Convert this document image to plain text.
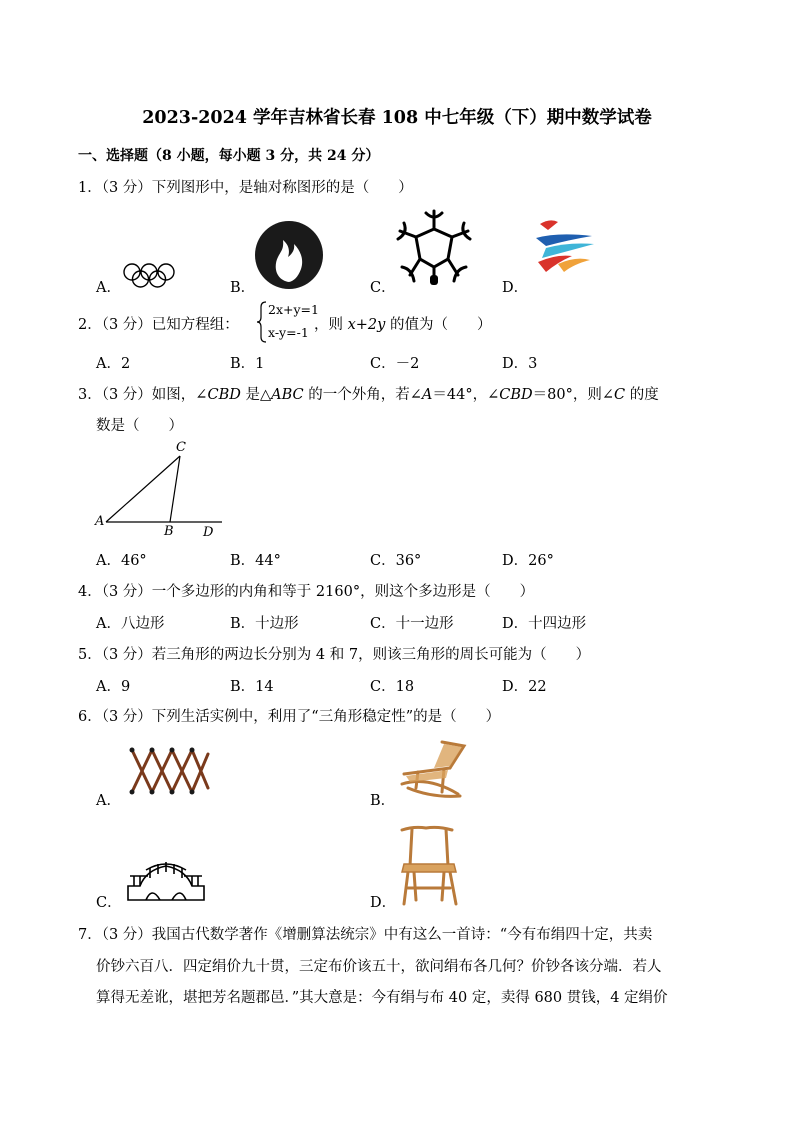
2023-2024 学年吉林省长春 108 中七年级（下）期中数学试卷
一、选择题（8 小题，每小题 3 分，共 24 分）
1．（3 分）下列图形中，是轴对称图形的是（　　）
A．	B．	C．	D．
2．（3 分）已知方程组：
2x+y=1
x-y=-1 ，则 x+2y 的值为（　　）
A．2	B．1	C．－2	D．3
3．（3 分）如图，∠CBD 是△ABC 的一个外角，若∠A＝44°，∠CBD＝80°，则∠C 的度
数是（　　）
C
A
B D
A．46°	B．44°	C．36°	D．26°
4．（3 分）一个多边形的内角和等于 2160°，则这个多边形是（　　）
A．八边形	B．十边形	C．十一边形	D．十四边形
5．（3 分）若三角形的两边长分别为 4 和 7，则该三角形的周长可能为（　　）
A．9	B．14	C．18	D．22
6．（3 分）下列生活实例中，利用了“三角形稳定性”的是（　　）
A．	B．
C．	D．
7．（3 分）我国古代数学著作《增删算法统宗》中有这么一首诗：“今有布绢四十定，共卖
价钞六百八．四定绢价九十贯，三定布价该五十，欲问绢布各几何？价钞各该分端．若人
算得无差讹，堪把芳名题郡邑．”其大意是：今有绢与布 40 定，卖得 680 贯钱，4 定绢价
